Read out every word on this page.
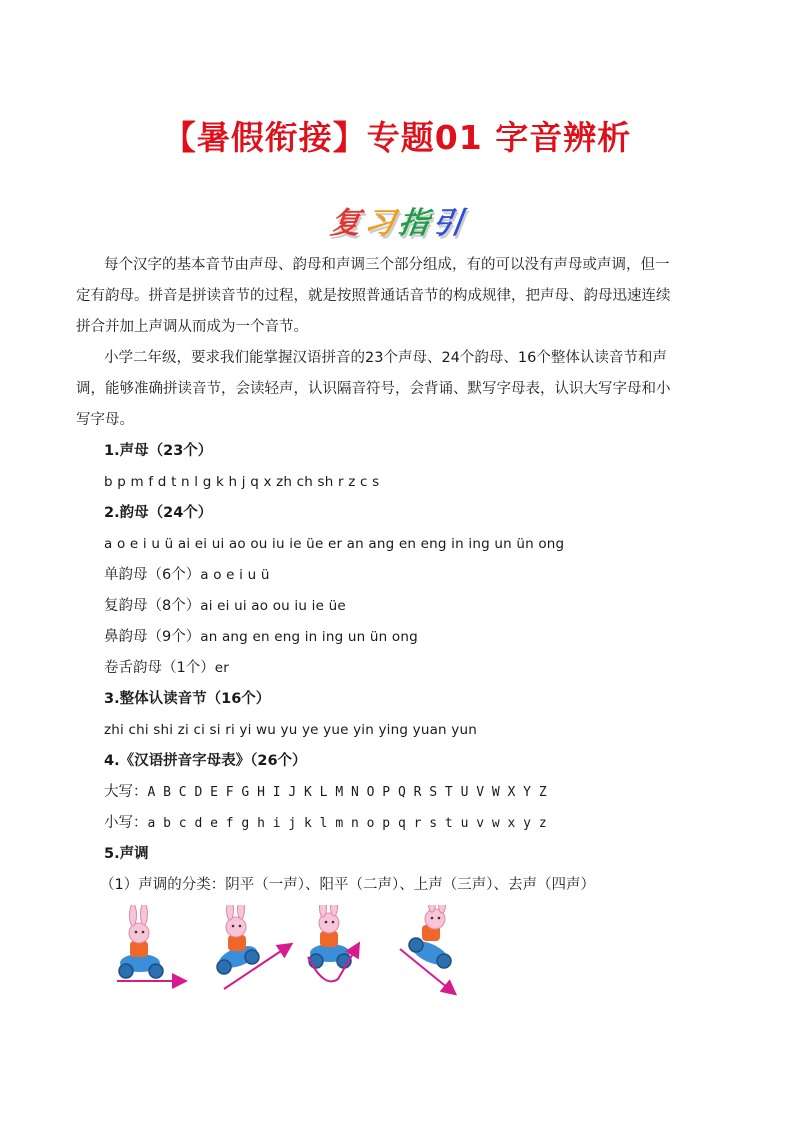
【暑假衔接】专题01 字音辨析
复习指引
每个汉字的基本音节由声母、韵母和声调三个部分组成，有的可以没有声母或声调，但一
定有韵母。拼音是拼读音节的过程，就是按照普通话音节的构成规律，把声母、韵母迅速连续
拼合并加上声调从而成为一个音节。
小学二年级，要求我们能掌握汉语拼音的23个声母、24个韵母、16个整体认读音节和声
调，能够准确拼读音节，会读轻声，认识隔音符号，会背诵、默写字母表，认识大写字母和小
写字母。
1.声母（23个）
b p m f d t n l g k h j q x zh ch sh r z c s
2.韵母（24个）
a o e i u ü ai ei ui ao ou iu ie üe er an ang en eng in ing un ün ong
单韵母（6个）a o e i u ü
复韵母（8个）ai ei ui ao ou iu ie üe
鼻韵母（9个）an ang en eng in ing un ün ong
卷舌韵母（1个）er
3.整体认读音节（16个）
zhi chi shi zi ci si ri yi wu yu ye yue yin ying yuan yun
4.《汉语拼音字母表》（26个）
大写：A B C D E F G H I J K L M N O P Q R S T U V W X Y Z
小写：a b c d e f g h i j k l m n o p q r s t u v w x y z
5.声调
（1）声调的分类：阴平（一声）、阳平（二声）、上声（三声）、去声（四声）
